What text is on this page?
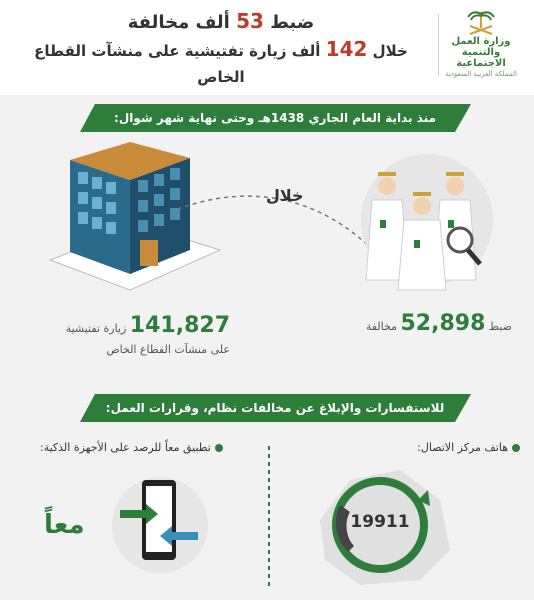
وزارة العمل
والتنمية الاجتماعية
المملكة العربية السعودية
ضبط 53 ألف مخالفة
خلال 142 ألف زيارة تفتيشية على منشآت القطاع الخاص
منذ بداية العام الجاري 1438هـ وحتى نهاية شهر شوال:
خلال
141,827 زيارة تفتيشية
على منشآت القطاع الخاص
ضبط 52,898 مخالفة
للاستفسارات والإبلاغ عن مخالفات نظام، وقرارات العمل:
هاتف مركز الاتصال:
تطبيق معاً للرصد على الأجهزة الذكية:
19911
معاً
